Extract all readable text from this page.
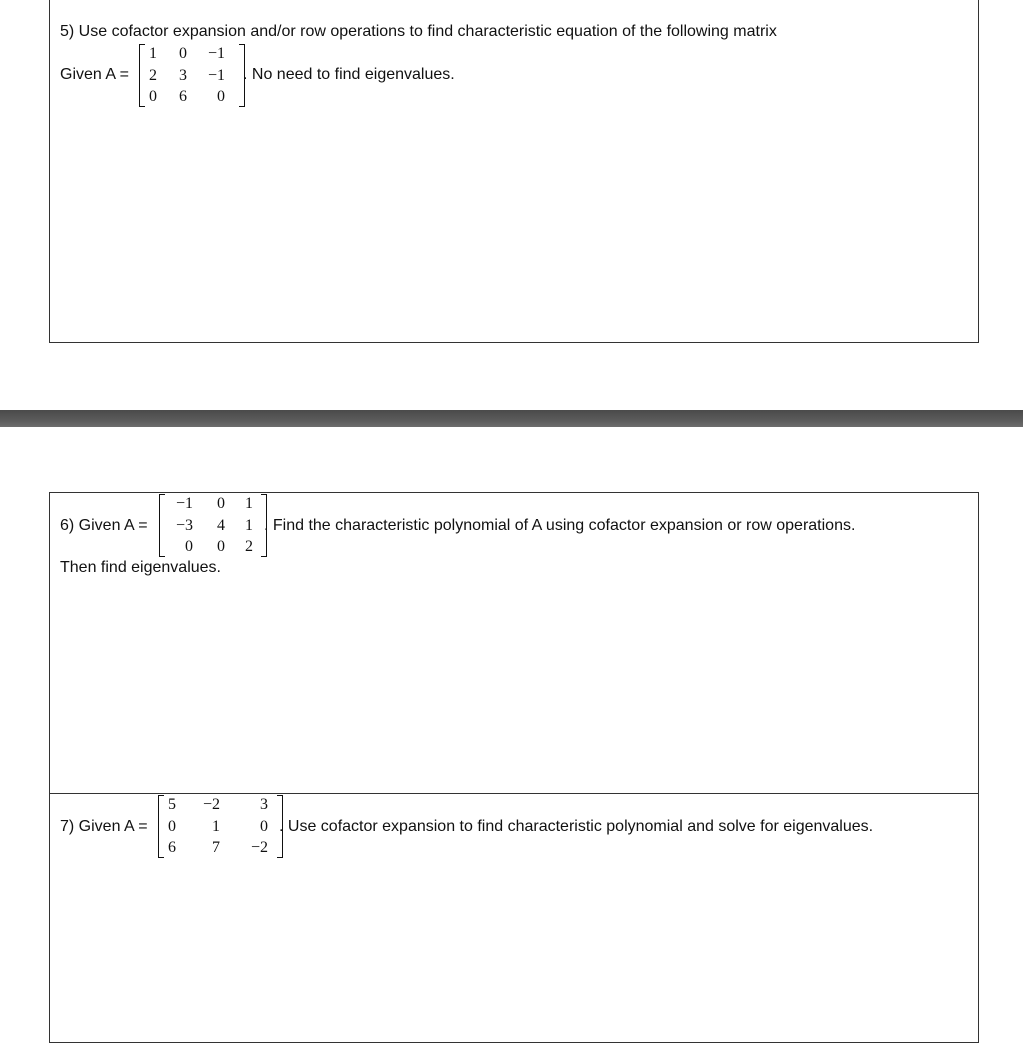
5) Use cofactor expansion and/or row operations to find characteristic equation of the following matrix
Given A =
1	0	−1
2	3	−1
0	6	0
. No need to find eigenvalues.
6) Given A =
−1	0	1
−3	4	1
0	0	2
. Find the characteristic polynomial of A using cofactor expansion or row operations.
Then find eigenvalues.
7) Given A =
5	−2	3
0	1	0
6	7	−2
. Use cofactor expansion to find characteristic polynomial and solve for eigenvalues.
